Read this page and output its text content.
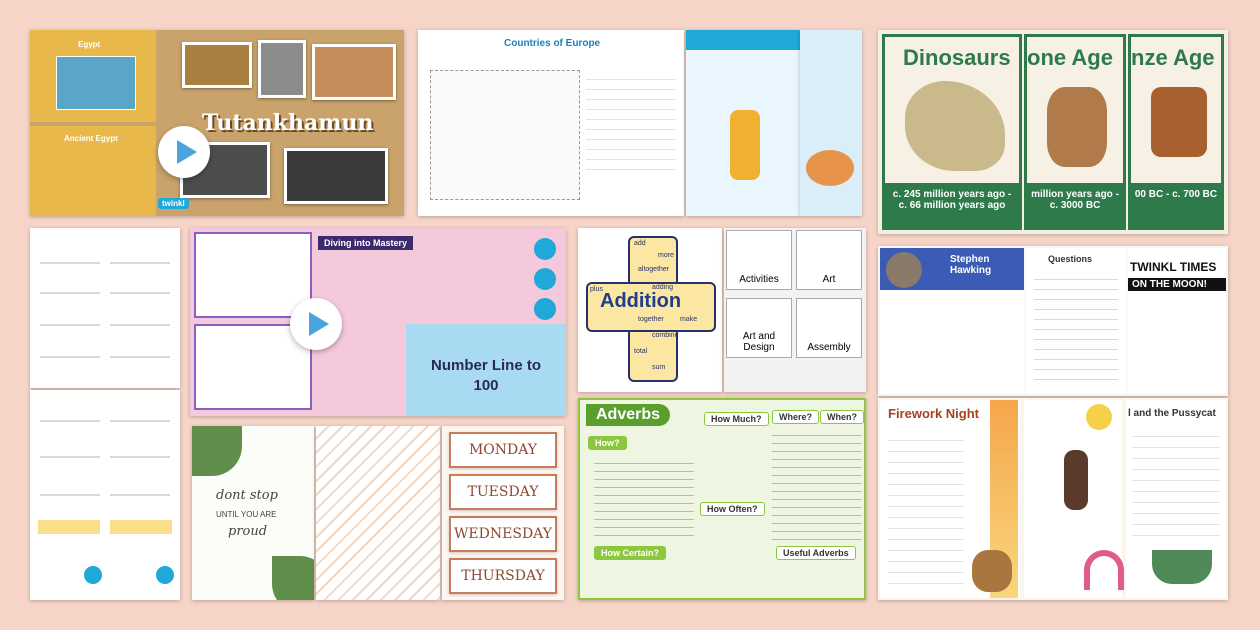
Egypt
Ancient Egypt
Tutankhamun
twinkl
Countries of Europe
Dinosaurs
c. 245 million years ago - c. 66 million years ago
one Age
million years ago - c. 3000 BC
nze Age
00 BC - c. 700 BC
Diving into Mastery
Number Line to 100
Addition
add
more
altogether
plus	adding
make
together
combine
total
sum
Activities	Art
Art and Design	Assembly
Adverbs
How?
How Much?	Where?	When?
How Often?
How Certain?	Useful Adverbs
dont stop
UNTIL YOU ARE
proud
MONDAY
TUESDAY
WEDNESDAY
THURSDAY
Stephen Hawking
Questions
TWINKL TIMES
ON THE MOON!
Firework Night	l and the Pussycat
